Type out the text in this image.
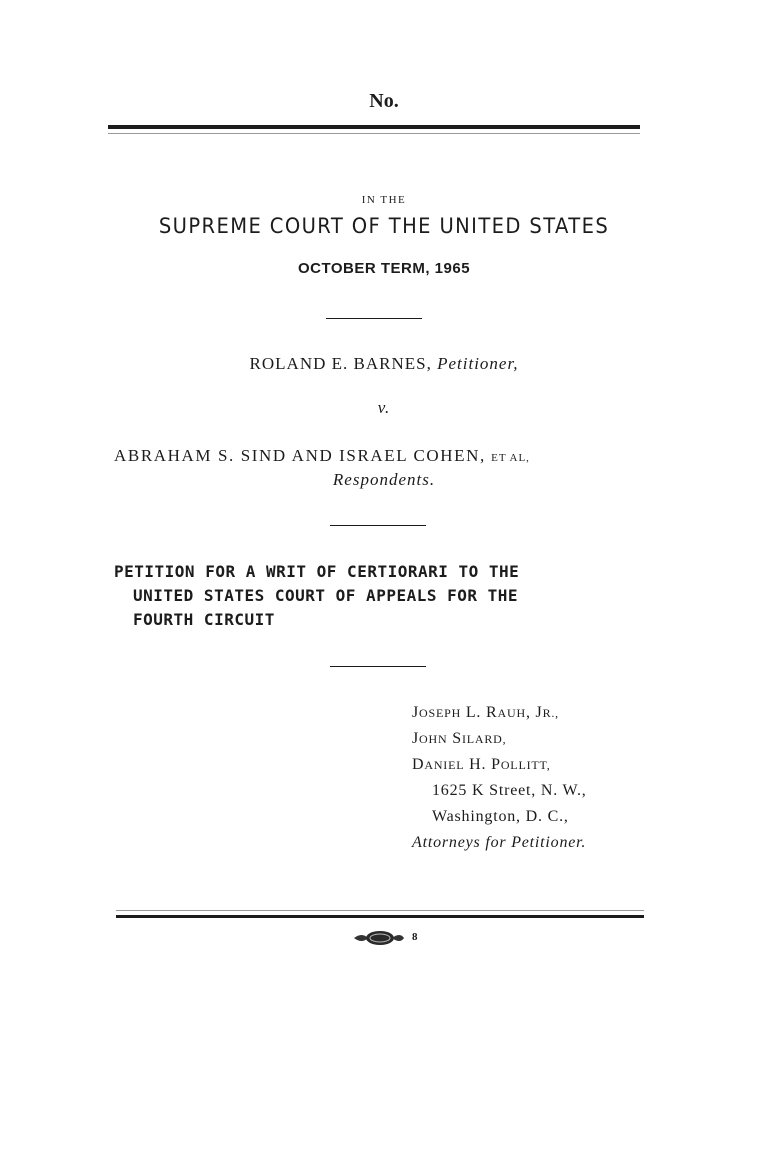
No.
IN THE
SUPREME COURT OF THE UNITED STATES
OCTOBER TERM, 1965
ROLAND E. BARNES, Petitioner,
v.
ABRAHAM S. SIND AND ISRAEL COHEN, ET AL,
Respondents.
PETITION FOR A WRIT OF CERTIORARI TO THE
UNITED STATES COURT OF APPEALS FOR THE
FOURTH CIRCUIT
JOSEPH L. RAUH, JR.,
JOHN SILARD,
DANIEL H. POLLITT,
1625 K Street, N. W.,
Washington, D. C.,
Attorneys for Petitioner.
8
